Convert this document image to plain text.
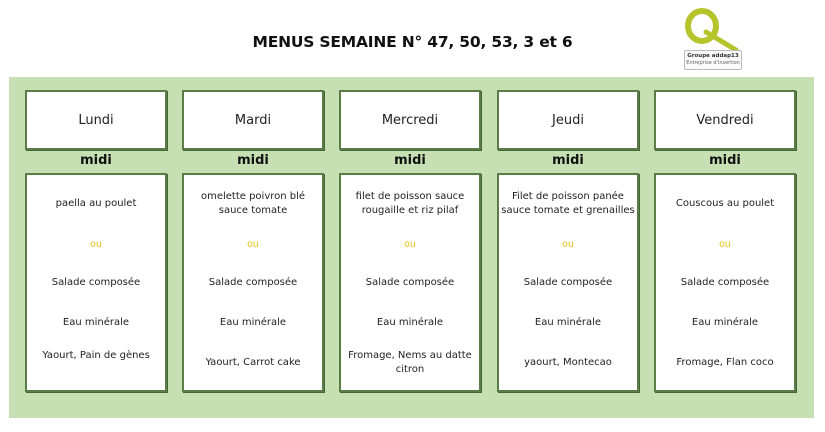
MENUS SEMAINE N° 47, 50, 53, 3 et 6
Groupe addap13
Entreprise d'insertion
Lundi
midi
paella au poulet
ou
Salade composée
Eau minérale
Yaourt, Pain de gènes
Mardi
midi
omelette poivron blé sauce tomate
ou
Salade composée
Eau minérale
Yaourt, Carrot cake
Mercredi
midi
filet de poisson sauce rougaille et riz pilaf
ou
Salade composée
Eau minérale
Fromage, Nems au datte citron
Jeudi
midi
Filet de poisson panée sauce tomate et grenailles
ou
Salade composée
Eau minérale
yaourt, Montecao
Vendredi
midi
Couscous au poulet
ou
Salade composée
Eau minérale
Fromage, Flan coco
